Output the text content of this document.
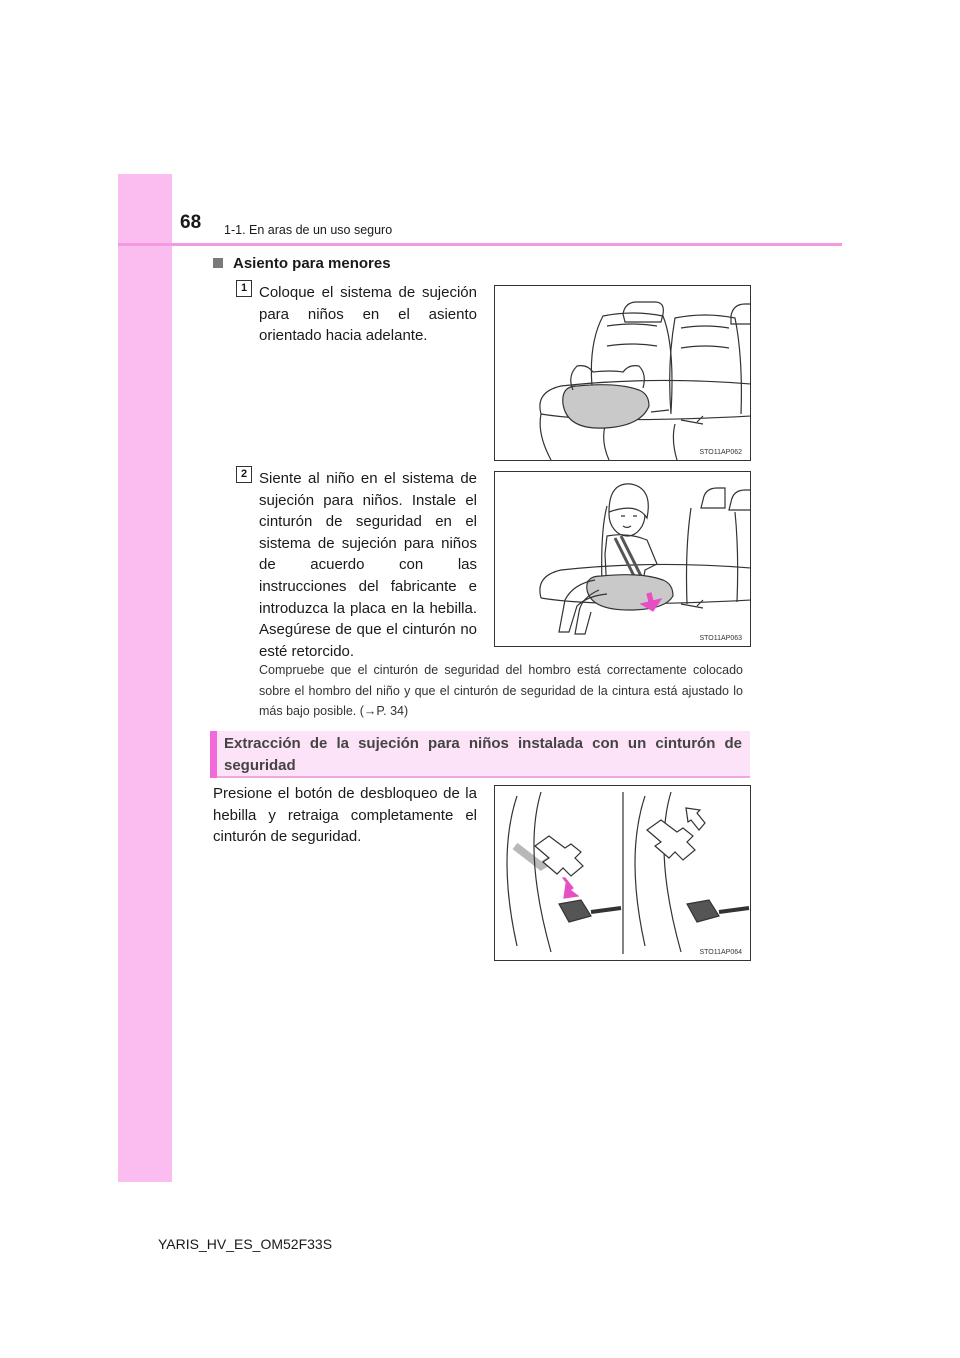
68 1-1. En aras de un uso seguro
Asiento para menores
1 Coloque el sistema de sujeción para niños en el asiento orientado hacia adelante.
STO11AP062
2 Siente al niño en el sistema de sujeción para niños. Instale el cinturón de seguridad en el sistema de sujeción para niños de acuerdo con las instrucciones del fabricante e introduzca la placa en la hebilla. Asegúrese de que el cinturón no esté retorcido.
STO11AP063
Compruebe que el cinturón de seguridad del hombro está correctamente colocado sobre el hombro del niño y que el cinturón de seguridad de la cintura está ajustado lo más bajo posible. (→P. 34)
Extracción de la sujeción para niños instalada con un cinturón de seguridad
Presione el botón de desbloqueo de la hebilla y retraiga completamente el cinturón de seguridad.
STO11AP064
YARIS_HV_ES_OM52F33S
